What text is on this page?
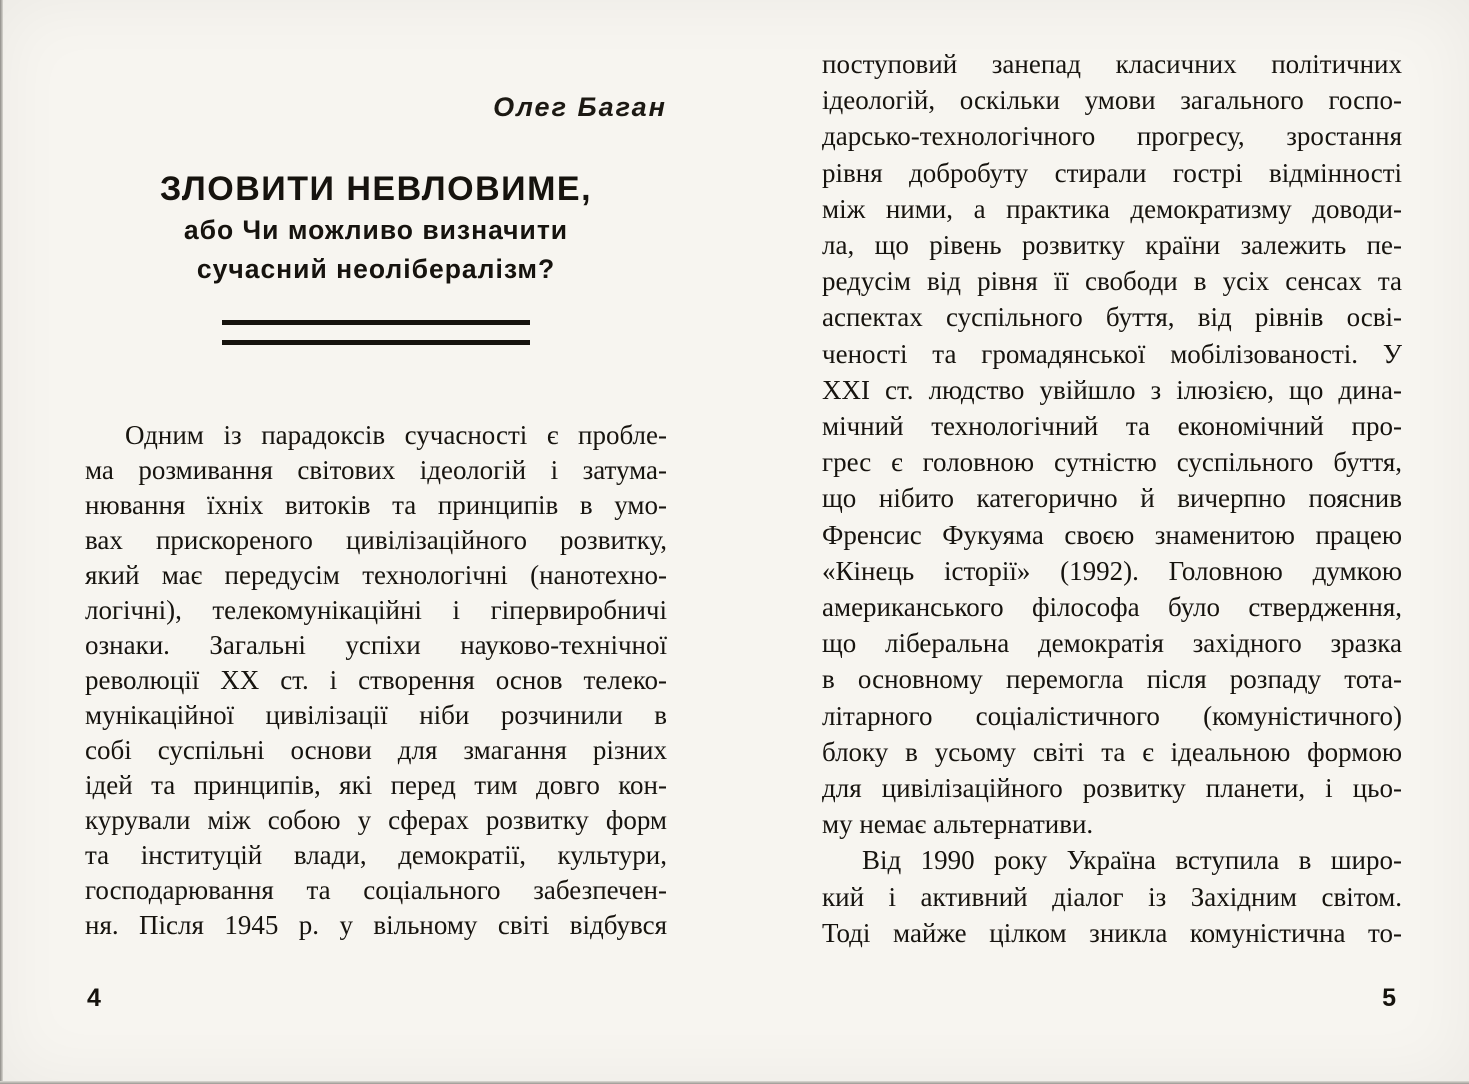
Олег Баган
ЗЛОВИТИ НЕВЛОВИМЕ,
або Чи можливо визначити
сучасний неолібералізм?
Одним із парадоксів сучасності є пробле-
ма розмивання світових ідеологій і затума-
нювання їхніх витоків та принципів в умо-
вах прискореного цивілізаційного розвитку,
який має передусім технологічні (нанотехно-
логічні), телекомунікаційні і гіпервиробничі
ознаки. Загальні успіхи науково-технічної
революції XX ст. і створення основ телеко-
мунікаційної цивілізації ніби розчинили в
собі суспільні основи для змагання різних
ідей та принципів, які перед тим довго кон-
курували між собою у сферах розвитку форм
та інституцій влади, демократії, культури,
господарювання та соціального забезпечен-
ня. Після 1945 р. у вільному світі відбувся
4
поступовий занепад класичних політичних
ідеологій, оскільки умови загального госпо-
дарсько-технологічного прогресу, зростання
рівня добробуту стирали гострі відмінності
між ними, а практика демократизму доводи-
ла, що рівень розвитку країни залежить пе-
редусім від рівня її свободи в усіх сенсах та
аспектах суспільного буття, від рівнів осві-
ченості та громадянської мобілізованості. У
XXI ст. людство увійшло з ілюзією, що дина-
мічний технологічний та економічний про-
грес є головною сутністю суспільного буття,
що нібито категорично й вичерпно пояснив
Френсис Фукуяма своєю знаменитою працею
«Кінець історії» (1992). Головною думкою
американського філософа було ствердження,
що ліберальна демократія західного зразка
в основному перемогла після розпаду тота-
літарного соціалістичного (комуністичного)
блоку в усьому світі та є ідеальною формою
для цивілізаційного розвитку планети, і цьо-
му немає альтернативи.
Від 1990 року Україна вступила в широ-
кий і активний діалог із Західним світом.
Тоді майже цілком зникла комуністична то-
5
